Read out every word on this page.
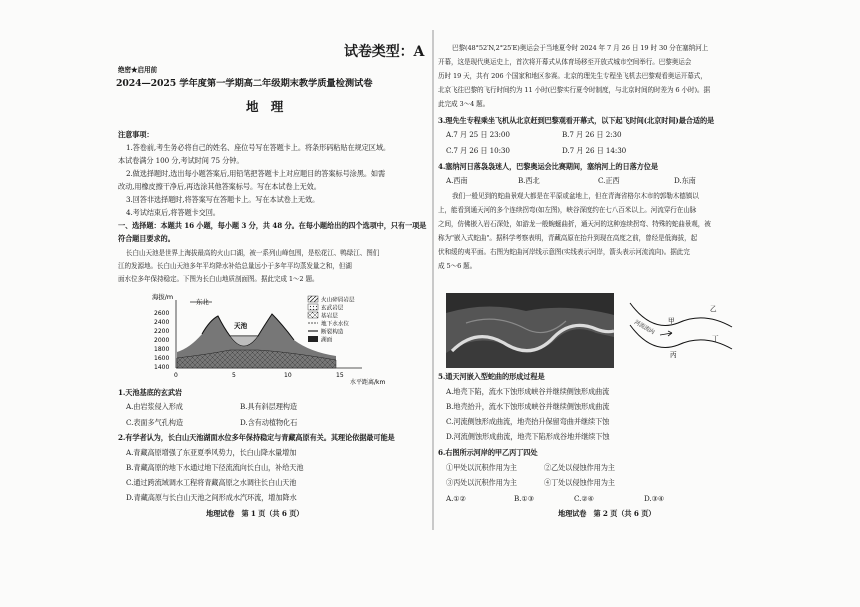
试卷类型：A
绝密★启用前
2024—2025 学年度第一学期高二年级期末教学质量检测试卷
地　理
注意事项：
1.答卷前,考生务必将自己的姓名、座位号写在答题卡上。将条形码粘贴在规定区域。
本试卷满分 100 分,考试时间 75 分钟。
2.做选择题时,选出每小题答案后,用铅笔把答题卡上对应题目的答案标号涂黑。如需
改动,用橡皮擦干净后,再选涂其他答案标号。写在本试卷上无效。
3.回答非选择题时,将答案写在答题卡上。写在本试卷上无效。
4.考试结束后,将答题卡交回。
一、选择题：本题共 16 小题，每小题 3 分，共 48 分。在每小题给出的四个选项中，只有一项是
符合题目要求的。
长白山天池是世界上海拔最高的火山口湖，被一系列山峰包围，是松花江、鸭绿江、图们
江的发源地。长白山天池多年平均降水补给总量远小于多年平均蒸发量之和，但湖
面水位多年保持稳定。下图为长白山地质剖面图。据此完成 1～2 题。
海拔/m
2600
2400
2200
2000
1800
1600
1400
0	5	10	15
水平距离/km
东北
天池
火山碎屑岩层
玄武岩层
基岩层
地下水水位
断裂构造
湖面
1.天池基底的玄武岩
A.由岩浆侵入形成	B.具有斜层理构造
C.表面多气孔构造	D.含有动植物化石
2.有学者认为，长白山天池湖面水位多年保持稳定与青藏高原有关。其理论依据最可能是
A.青藏高原增强了东亚夏季风势力，长白山降水量增加
B.青藏高原的地下水通过地下径流流向长白山，补给天池
C.通过跨流域调水工程将青藏高原之水调往长白山天池
D.青藏高原与长白山天池之间形成水汽环流，增加降水
地理试卷　第 1 页（共 6 页）
巴黎(48°52′N,2°25′E)奥运会于当地夏令时 2024 年 7 月 26 日 19 时 30 分在塞纳河上
开幕，这是现代奥运史上，首次将开幕式从体育场移至开放式城市空间举行。巴黎奥运会
历时 19 天，共有 206 个国家和地区参赛。北京的理先生专程坐飞机去巴黎观看奥运开幕式，
北京飞往巴黎的飞行时间约为 11 小时(巴黎实行夏令时制度，与北京时间的时差为 6 小时)。据
此完成 3～4 题。
3.理先生专程乘坐飞机从北京赶到巴黎观看开幕式，以下起飞时间(北京时间)最合适的是
A.7 月 25 日 23:00	B.7 月 26 日 2:30
C.7 月 26 日 10:30	D.7 月 26 日 14:30
4.塞纳河日落袅袅迷人，巴黎奥运会比赛期间，塞纳河上的日落方位是
A.西南	B.西北	C.正西	D.东南
我们一般见到的蛇曲景观大都是在平原或盆地上，但在青海省格尔木市的郭勒木德镇以
上，能看到通天河的多个连续拐弯(如左图)，峡谷深度约在七八百米以上。河流穿行在山脉
之间，仿佛嵌入岩石深处，如游龙一般蜿蜒曲折，通天河的这种连续拐弯、特殊的蛇曲景观，被
称为"嵌入式蛇曲"。据科学考察表明，青藏高原在抬升到现在高度之前，曾经是低海拔，起
伏和缓的夷平面。右图为蛇曲河岸线示意图(实线表示河岸，箭头表示河流流向)。据此完
成 5～6 题。
河流流向 甲
乙
丙
丁
5.通天河嵌入型蛇曲的形成过程是
A.地壳下陷，流水下蚀形成峡谷并继续侧蚀形成曲流
B.地壳抬升，流水下蚀形成峡谷并继续侧蚀形成曲流
C.河流侧蚀形成曲流，地壳抬升保留弯曲并继续下蚀
D.河流侧蚀形成曲流，地壳下陷形成谷地并继续下蚀
6.右图所示河岸的甲乙丙丁四处
①甲处以沉积作用为主	②乙处以侵蚀作用为主
③丙处以沉积作用为主	④丁处以侵蚀作用为主
A.①②	B.①③	C.②④	D.③④
地理试卷　第 2 页（共 6 页）
